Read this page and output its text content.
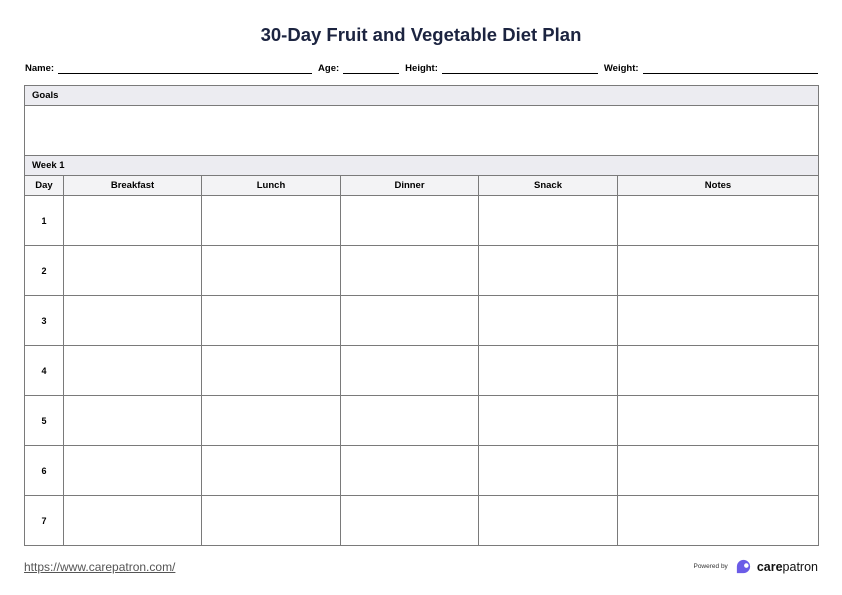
30-Day Fruit and Vegetable Diet Plan
Name:	Age:	Height:	Weight:
Goals					

Week 1					
Day	Breakfast	Lunch	Dinner	Snack	Notes
1					
2					
3					
4					
5					
6					
7					
https://www.carepatron.com/	Powered by carepatron
